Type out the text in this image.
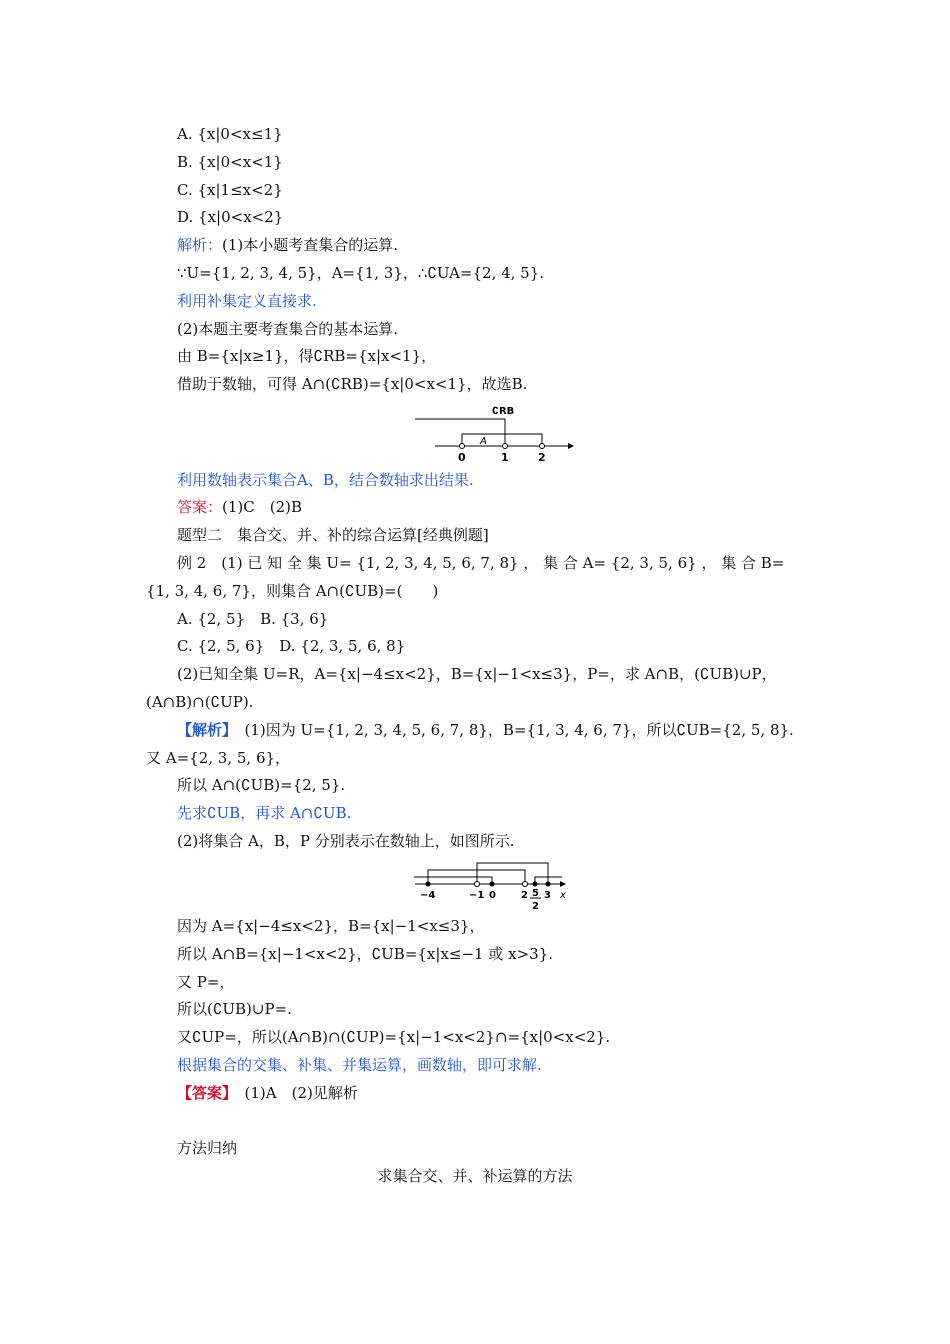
A. {x|0<x≤1}
B. {x|0<x<1}
C. {x|1≤x<2}
D. {x|0<x<2}
解析：(1)本小题考查集合的运算.
∵U={1, 2, 3, 4, 5}，A={1, 3}，∴∁UA={2, 4, 5}.
利用补集定义直接求.
(2)本题主要考查集合的基本运算.
由 B={x|x≥1}，得∁RB={x|x<1}，
借助于数轴，可得 A∩(∁RB)={x|0<x<1}，故选B.
∁RB
A
0	1	2
利用数轴表示集合A、B，结合数轴求出结果.
答案：(1)C　(2)B
题型二　集合交、并、补的综合运算[经典例题]
例 2　(1) 已 知 全 集 U= {1, 2, 3, 4, 5, 6, 7, 8} ， 集 合 A= {2, 3, 5, 6} ， 集 合 B=
{1, 3, 4, 6, 7}，则集合 A∩(∁UB)=(　　)
A. {2, 5}　B. {3, 6}
C. {2, 5, 6}　D. {2, 3, 5, 6, 8}
(2)已知全集 U=R，A={x|−4≤x<2}，B={x|−1<x≤3}，P=，求 A∩B，(∁UB)∪P，
(A∩B)∩(∁UP).
【解析】　(1)因为 U={1, 2, 3, 4, 5, 6, 7, 8}，B={1, 3, 4, 6, 7}，所以∁UB={2, 5, 8}.
又 A={2, 3, 5, 6}，
所以 A∩(∁UB)={2, 5}.
先求∁UB，再求 A∩∁UB.
(2)将集合 A，B，P 分别表示在数轴上，如图所示.
−4	−1 0	2 5
2
3 x
因为 A={x|−4≤x<2}，B={x|−1<x≤3}，
所以 A∩B={x|−1<x<2}，∁UB={x|x≤−1 或 x>3}.
又 P=，
所以(∁UB)∪P=.
又∁UP=，所以(A∩B)∩(∁UP)={x|−1<x<2}∩={x|0<x<2}.
根据集合的交集、补集、并集运算，画数轴，即可求解.
【答案】　(1)A　(2)见解析
方法归纳
求集合交、并、补运算的方法
